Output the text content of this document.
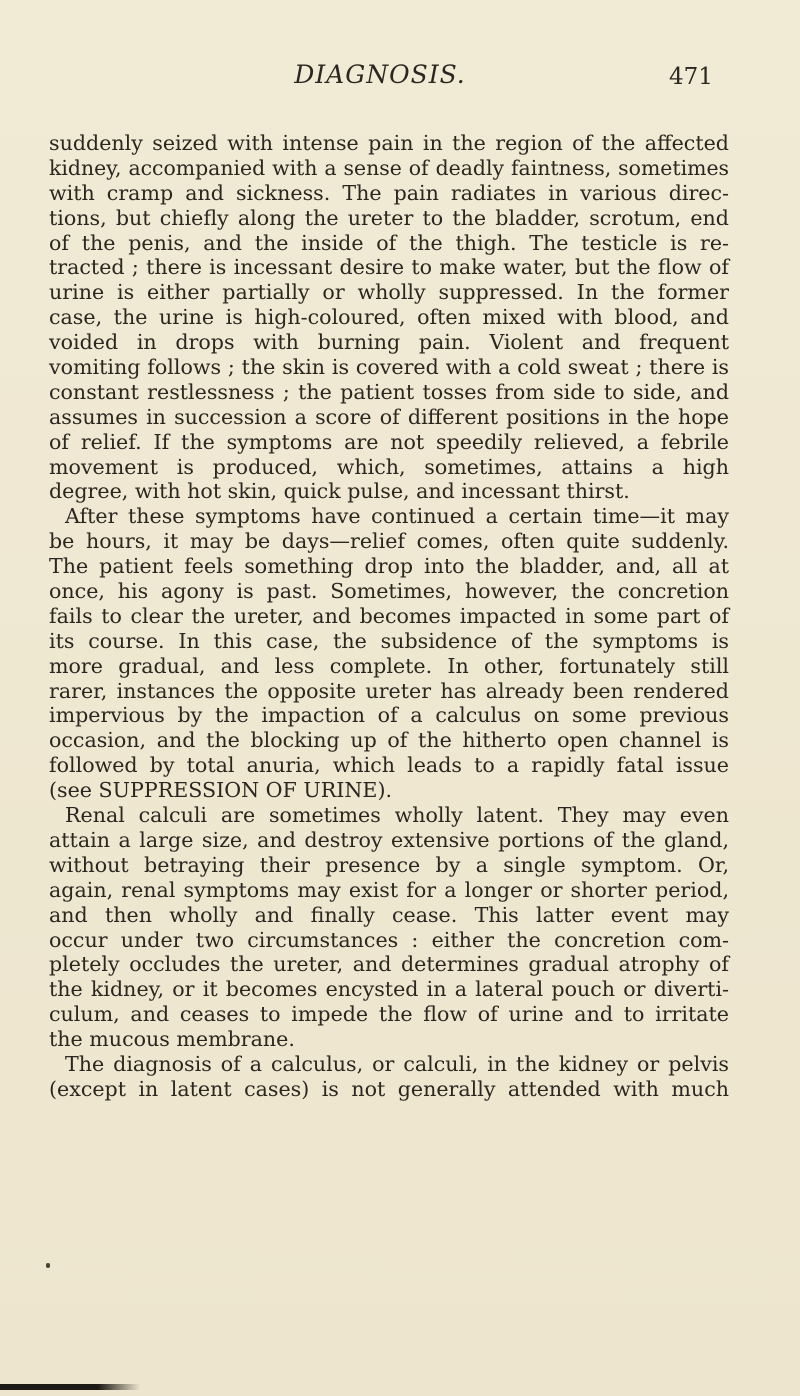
DIAGNOSIS.	471
suddenly seized with intense pain in the region of the affected
kidney, accompanied with a sense of deadly faintness, sometimes
with cramp and sickness. The pain radiates in various direc-
tions, but chiefly along the ureter to the bladder, scrotum, end
of the penis, and the inside of the thigh. The testicle is re-
tracted ; there is incessant desire to make water, but the flow of
urine is either partially or wholly suppressed. In the former
case, the urine is high-coloured, often mixed with blood, and
voided in drops with burning pain. Violent and frequent
vomiting follows ; the skin is covered with a cold sweat ; there is
constant restlessness ; the patient tosses from side to side, and
assumes in succession a score of different positions in the hope
of relief. If the symptoms are not speedily relieved, a febrile
movement is produced, which, sometimes, attains a high
degree, with hot skin, quick pulse, and incessant thirst.
After these symptoms have continued a certain time—it may
be hours, it may be days—relief comes, often quite suddenly.
The patient feels something drop into the bladder, and, all at
once, his agony is past. Sometimes, however, the concretion
fails to clear the ureter, and becomes impacted in some part of
its course. In this case, the subsidence of the symptoms is
more gradual, and less complete. In other, fortunately still
rarer, instances the opposite ureter has already been rendered
impervious by the impaction of a calculus on some previous
occasion, and the blocking up of the hitherto open channel is
followed by total anuria, which leads to a rapidly fatal issue
(see SUPPRESSION OF URINE).
Renal calculi are sometimes wholly latent. They may even
attain a large size, and destroy extensive portions of the gland,
without betraying their presence by a single symptom. Or,
again, renal symptoms may exist for a longer or shorter period,
and then wholly and finally cease. This latter event may
occur under two circumstances : either the concretion com-
pletely occludes the ureter, and determines gradual atrophy of
the kidney, or it becomes encysted in a lateral pouch or diverti-
culum, and ceases to impede the flow of urine and to irritate
the mucous membrane.
The diagnosis of a calculus, or calculi, in the kidney or pelvis
(except in latent cases) is not generally attended with much
